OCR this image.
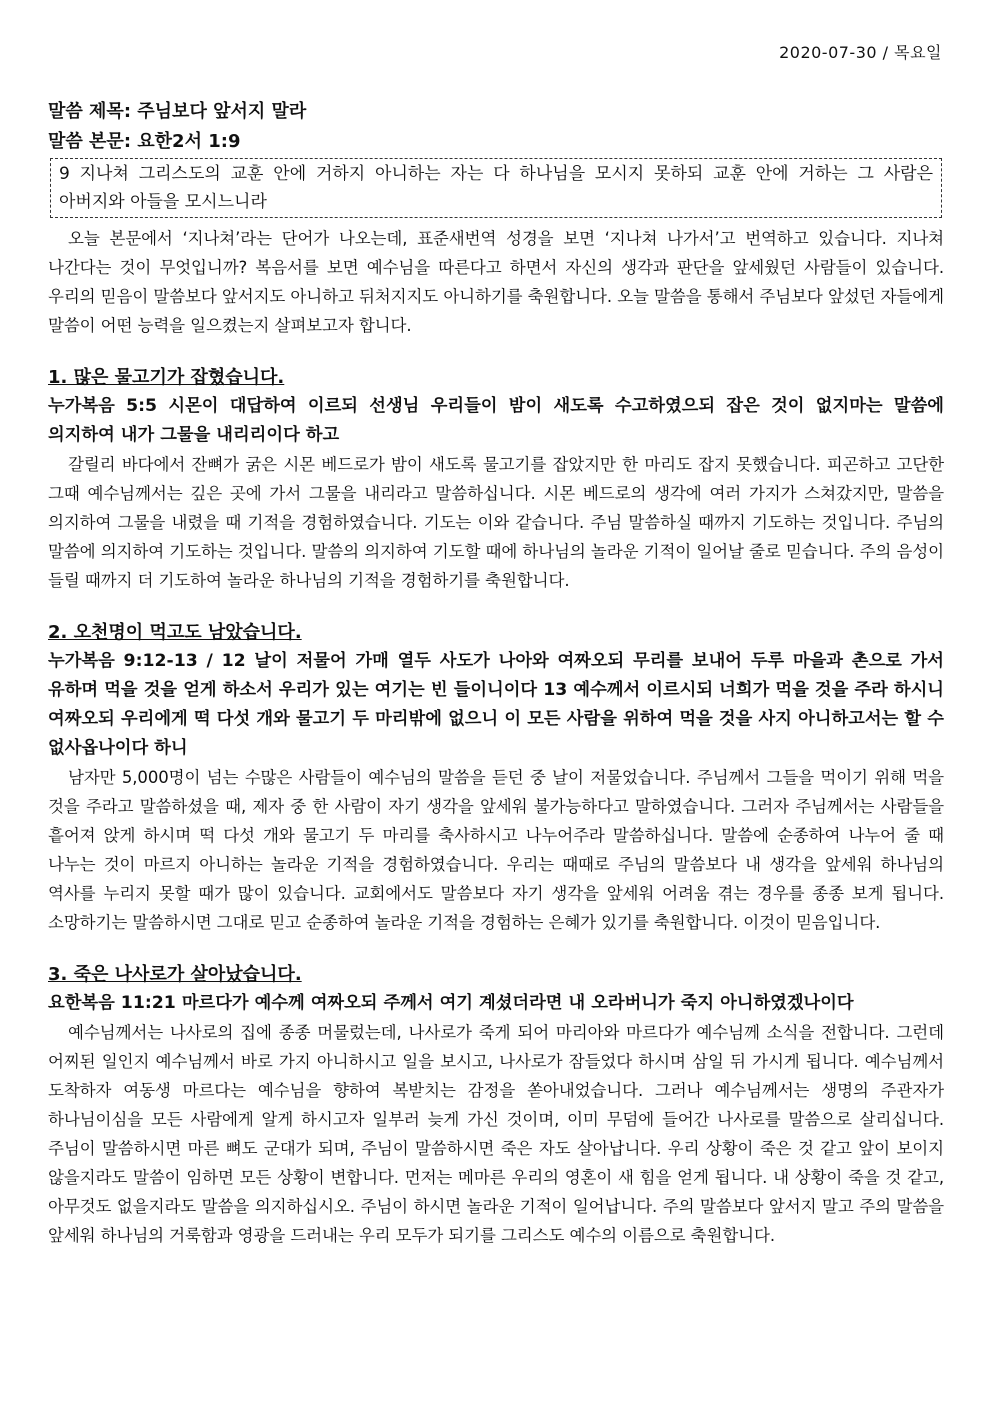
2020-07-30 / 목요일
말씀 제목: 주님보다 앞서지 말라
말씀 본문: 요한2서 1:9
9 지나쳐 그리스도의 교훈 안에 거하지 아니하는 자는 다 하나님을 모시지 못하되 교훈 안에 거하는 그 사람은 아버지와 아들을 모시느니라
오늘 본문에서 ‘지나쳐’라는 단어가 나오는데, 표준새번역 성경을 보면 ‘지나쳐 나가서’고 번역하고 있습니다. 지나쳐 나간다는 것이 무엇입니까? 복음서를 보면 예수님을 따른다고 하면서 자신의 생각과 판단을 앞세웠던 사람들이 있습니다. 우리의 믿음이 말씀보다 앞서지도 아니하고 뒤처지지도 아니하기를 축원합니다. 오늘 말씀을 통해서 주님보다 앞섰던 자들에게 말씀이 어떤 능력을 일으켰는지 살펴보고자 합니다.
1. 많은 물고기가 잡혔습니다.
누가복음 5:5 시몬이 대답하여 이르되 선생님 우리들이 밤이 새도록 수고하였으되 잡은 것이 없지마는 말씀에 의지하여 내가 그물을 내리리이다 하고
갈릴리 바다에서 잔뼈가 굵은 시몬 베드로가 밤이 새도록 물고기를 잡았지만 한 마리도 잡지 못했습니다. 피곤하고 고단한 그때 예수님께서는 깊은 곳에 가서 그물을 내리라고 말씀하십니다. 시몬 베드로의 생각에 여러 가지가 스쳐갔지만, 말씀을 의지하여 그물을 내렸을 때 기적을 경험하였습니다. 기도는 이와 같습니다. 주님 말씀하실 때까지 기도하는 것입니다. 주님의 말씀에 의지하여 기도하는 것입니다. 말씀의 의지하여 기도할 때에 하나님의 놀라운 기적이 일어날 줄로 믿습니다. 주의 음성이 들릴 때까지 더 기도하여 놀라운 하나님의 기적을 경험하기를 축원합니다.
2. 오천명이 먹고도 남았습니다.
누가복음 9:12-13 / 12 날이 저물어 가매 열두 사도가 나아와 여짜오되 무리를 보내어 두루 마을과 촌으로 가서 유하며 먹을 것을 얻게 하소서 우리가 있는 여기는 빈 들이니이다 13 예수께서 이르시되 너희가 먹을 것을 주라 하시니 여짜오되 우리에게 떡 다섯 개와 물고기 두 마리밖에 없으니 이 모든 사람을 위하여 먹을 것을 사지 아니하고서는 할 수 없사옵나이다 하니
남자만 5,000명이 넘는 수많은 사람들이 예수님의 말씀을 듣던 중 날이 저물었습니다. 주님께서 그들을 먹이기 위해 먹을 것을 주라고 말씀하셨을 때, 제자 중 한 사람이 자기 생각을 앞세워 불가능하다고 말하였습니다. 그러자 주님께서는 사람들을 흩어져 앉게 하시며 떡 다섯 개와 물고기 두 마리를 축사하시고 나누어주라 말씀하십니다. 말씀에 순종하여 나누어 줄 때 나누는 것이 마르지 아니하는 놀라운 기적을 경험하였습니다. 우리는 때때로 주님의 말씀보다 내 생각을 앞세워 하나님의 역사를 누리지 못할 때가 많이 있습니다. 교회에서도 말씀보다 자기 생각을 앞세워 어려움 겪는 경우를 종종 보게 됩니다. 소망하기는 말씀하시면 그대로 믿고 순종하여 놀라운 기적을 경험하는 은혜가 있기를 축원합니다. 이것이 믿음입니다.
3. 죽은 나사로가 살아났습니다.
요한복음 11:21 마르다가 예수께 여짜오되 주께서 여기 계셨더라면 내 오라버니가 죽지 아니하였겠나이다
예수님께서는 나사로의 집에 종종 머물렀는데, 나사로가 죽게 되어 마리아와 마르다가 예수님께 소식을 전합니다. 그런데 어찌된 일인지 예수님께서 바로 가지 아니하시고 일을 보시고, 나사로가 잠들었다 하시며 삼일 뒤 가시게 됩니다. 예수님께서 도착하자 여동생 마르다는 예수님을 향하여 복받치는 감정을 쏟아내었습니다. 그러나 예수님께서는 생명의 주관자가 하나님이심을 모든 사람에게 알게 하시고자 일부러 늦게 가신 것이며, 이미 무덤에 들어간 나사로를 말씀으로 살리십니다. 주님이 말씀하시면 마른 뼈도 군대가 되며, 주님이 말씀하시면 죽은 자도 살아납니다. 우리 상황이 죽은 것 같고 앞이 보이지 않을지라도 말씀이 임하면 모든 상황이 변합니다. 먼저는 메마른 우리의 영혼이 새 힘을 얻게 됩니다. 내 상황이 죽을 것 같고, 아무것도 없을지라도 말씀을 의지하십시오. 주님이 하시면 놀라운 기적이 일어납니다. 주의 말씀보다 앞서지 말고 주의 말씀을 앞세워 하나님의 거룩함과 영광을 드러내는 우리 모두가 되기를 그리스도 예수의 이름으로 축원합니다.
